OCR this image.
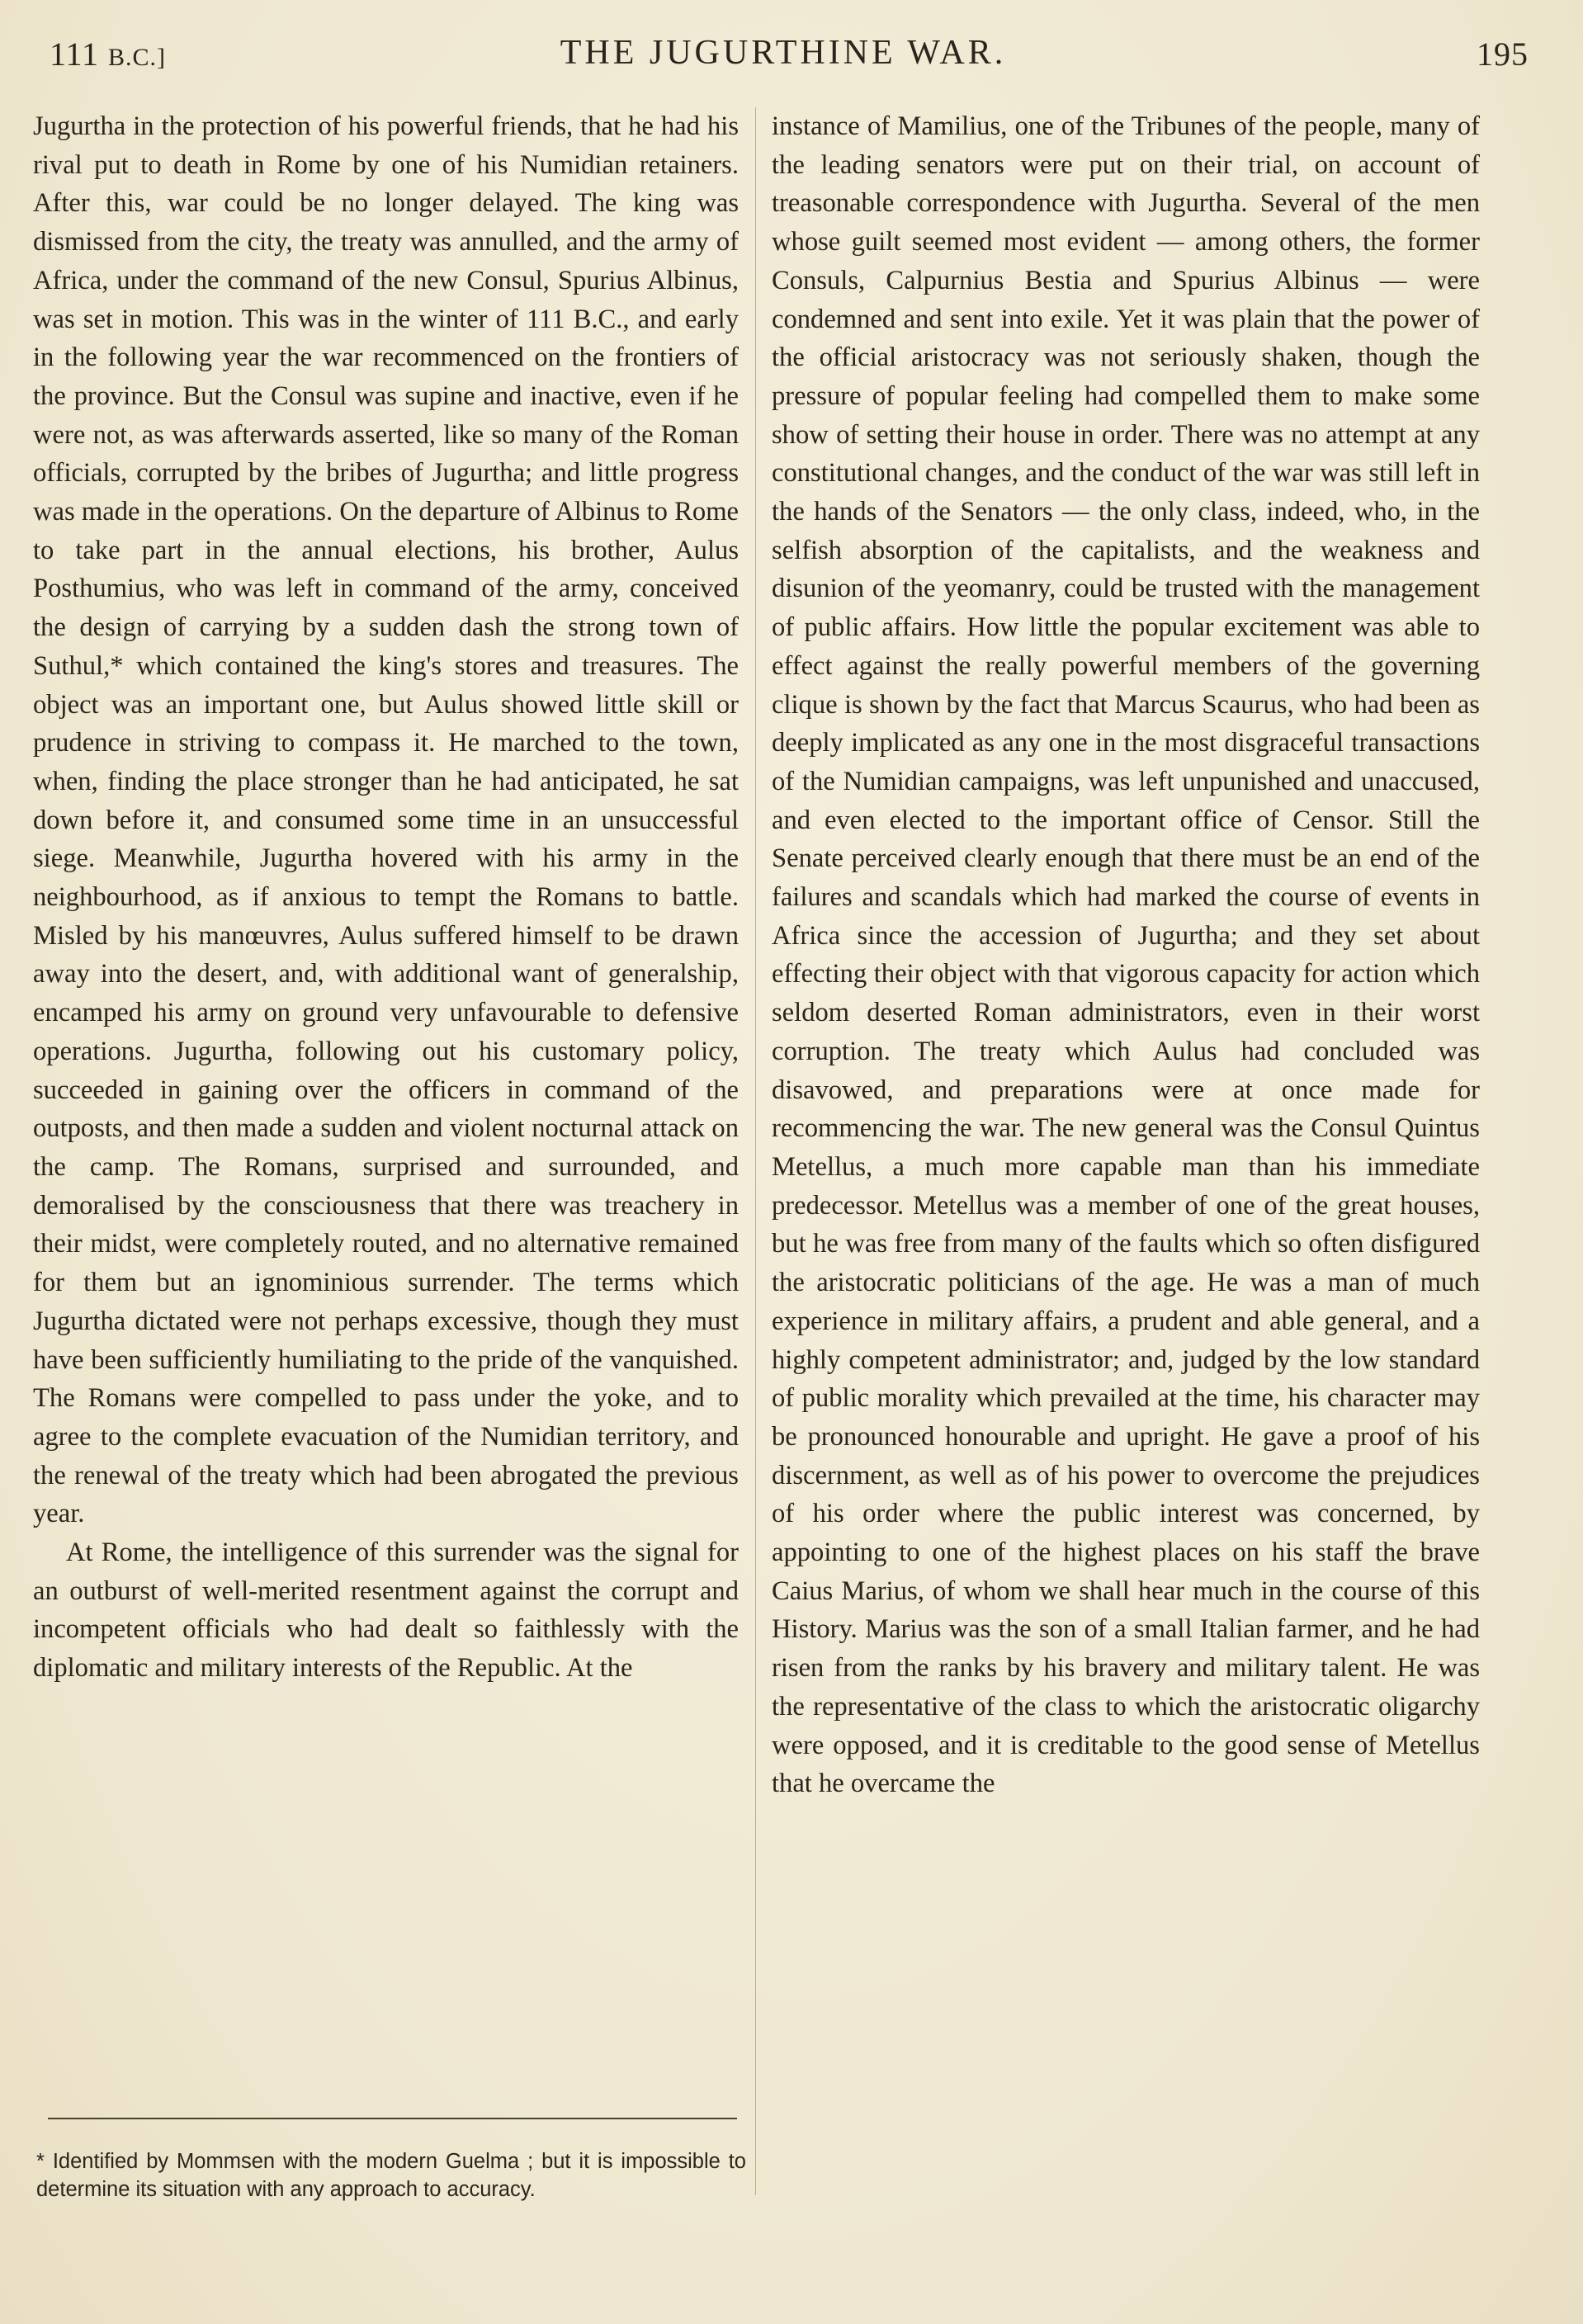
111 B.C.]	THE JUGURTHINE WAR.	195

Jugurtha in the protection of his powerful friends, that he had his rival put to death in Rome by one of his Numidian retainers. After this, war could be no longer delayed. The king was dismissed from the city, the treaty was annulled, and the army of Africa, under the command of the new Consul, Spurius Albinus, was set in motion. This was in the winter of 111 B.C., and early in the following year the war recommenced on the frontiers of the province. But the Consul was supine and inactive, even if he were not, as was afterwards asserted, like so many of the Roman officials, corrupted by the bribes of Jugurtha; and little progress was made in the operations. On the departure of Albinus to Rome to take part in the annual elections, his brother, Aulus Posthumius, who was left in command of the army, conceived the design of carrying by a sudden dash the strong town of Suthul,* which contained the king's stores and treasures. The object was an important one, but Aulus showed little skill or prudence in striving to compass it. He marched to the town, when, finding the place stronger than he had anticipated, he sat down before it, and consumed some time in an unsuccessful siege. Meanwhile, Jugurtha hovered with his army in the neighbourhood, as if anxious to tempt the Romans to battle. Misled by his manœuvres, Aulus suffered himself to be drawn away into the desert, and, with additional want of generalship, encamped his army on ground very unfavourable to defensive operations. Jugurtha, following out his customary policy, succeeded in gaining over the officers in command of the outposts, and then made a sudden and violent nocturnal attack on the camp. The Romans, surprised and surrounded, and demoralised by the consciousness that there was treachery in their midst, were completely routed, and no alternative remained for them but an ignominious surrender. The terms which Jugurtha dictated were not perhaps excessive, though they must have been sufficiently humiliating to the pride of the vanquished. The Romans were compelled to pass under the yoke, and to agree to the complete evacuation of the Numidian territory, and the renewal of the treaty which had been abrogated the previous year.

At Rome, the intelligence of this surrender was the signal for an outburst of well-merited resentment against the corrupt and incompetent officials who had dealt so faithlessly with the diplomatic and military interests of the Republic. At the

instance of Mamilius, one of the Tribunes of the people, many of the leading senators were put on their trial, on account of treasonable correspondence with Jugurtha. Several of the men whose guilt seemed most evident — among others, the former Consuls, Calpurnius Bestia and Spurius Albinus — were condemned and sent into exile. Yet it was plain that the power of the official aristocracy was not seriously shaken, though the pressure of popular feeling had compelled them to make some show of setting their house in order. There was no attempt at any constitutional changes, and the conduct of the war was still left in the hands of the Senators — the only class, indeed, who, in the selfish absorption of the capitalists, and the weakness and disunion of the yeomanry, could be trusted with the management of public affairs. How little the popular excitement was able to effect against the really powerful members of the governing clique is shown by the fact that Marcus Scaurus, who had been as deeply implicated as any one in the most disgraceful transactions of the Numidian campaigns, was left unpunished and unaccused, and even elected to the important office of Censor. Still the Senate perceived clearly enough that there must be an end of the failures and scandals which had marked the course of events in Africa since the accession of Jugurtha; and they set about effecting their object with that vigorous capacity for action which seldom deserted Roman administrators, even in their worst corruption. The treaty which Aulus had concluded was disavowed, and preparations were at once made for recommencing the war. The new general was the Consul Quintus Metellus, a much more capable man than his immediate predecessor. Metellus was a member of one of the great houses, but he was free from many of the faults which so often disfigured the aristocratic politicians of the age. He was a man of much experience in military affairs, a prudent and able general, and a highly competent administrator; and, judged by the low standard of public morality which prevailed at the time, his character may be pronounced honourable and upright. He gave a proof of his discernment, as well as of his power to overcome the prejudices of his order where the public interest was concerned, by appointing to one of the highest places on his staff the brave Caius Marius, of whom we shall hear much in the course of this History. Marius was the son of a small Italian farmer, and he had risen from the ranks by his bravery and military talent. He was the representative of the class to which the aristocratic oligarchy were opposed, and it is creditable to the good sense of Metellus that he overcame the

* Identified by Mommsen with the modern Guelma ; but it is impossible to determine its situation with any approach to accuracy.
